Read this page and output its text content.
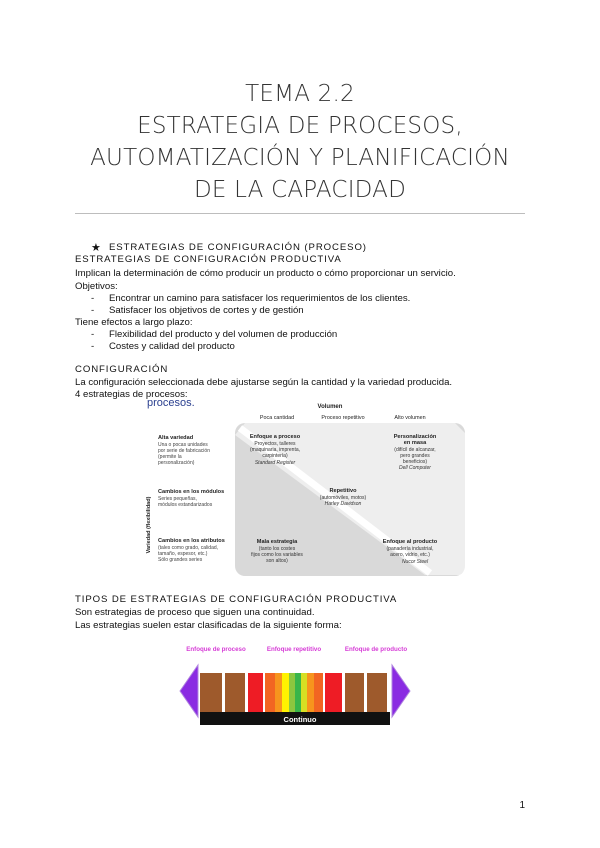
TEMA 2.2
ESTRATEGIA DE PROCESOS,
AUTOMATIZACIÓN Y PLANIFICACIÓN
DE LA CAPACIDAD
★ ESTRATEGIAS DE CONFIGURACIÓN (PROCESO)
ESTRATEGIAS DE CONFIGURACIÓN PRODUCTIVA
Implican la determinación de cómo producir un producto o cómo proporcionar un servicio.
Objetivos:
- Encontrar un camino para satisfacer los requerimientos de los clientes.
- Satisfacer los objetivos de cortes y de gestión
Tiene efectos a largo plazo:
- Flexibilidad del producto y del volumen de producción
- Costes y calidad del producto
CONFIGURACIÓN
La configuración seleccionada debe ajustarse según la cantidad y la variedad producida.
4 estrategias de procesos:
procesos.	Volumen
Poca cantidad	Proceso repetitivo	Alto volumen
Variedad (flexibilidad)
Alta variedad
Una o pocas unidades
por serie de fabricación
(permite la
personalización)
Cambios en los módulos
Series pequeñas,
módulos estandarizados
Cambios en los atributos
(tales como grado, calidad,
tamaño, espesor, etc.)
Sólo grandes series
Enfoque a proceso
Proyectos, talleres
(maquinaria, imprenta,
carpintería)
Standard Register
Personalización
en masa
(difícil de alcanzar,
pero grandes
beneficios)
Dell Computer
Repetitivo
(automóviles, motos)
Harley Davidson
Mala estrategia
(tanto los costes
fijos como los variables
son altos)
Enfoque al producto
(panadería industrial,
acero, vidrio, etc.)
Nucor Steel
TIPOS DE ESTRATEGIAS DE CONFIGURACIÓN PRODUCTIVA
Son estrategias de proceso que siguen una continuidad.
Las estrategias suelen estar clasificadas de la siguiente forma:
Enfoque de proceso	Enfoque repetitivo	Enfoque de producto
Continuo
1
